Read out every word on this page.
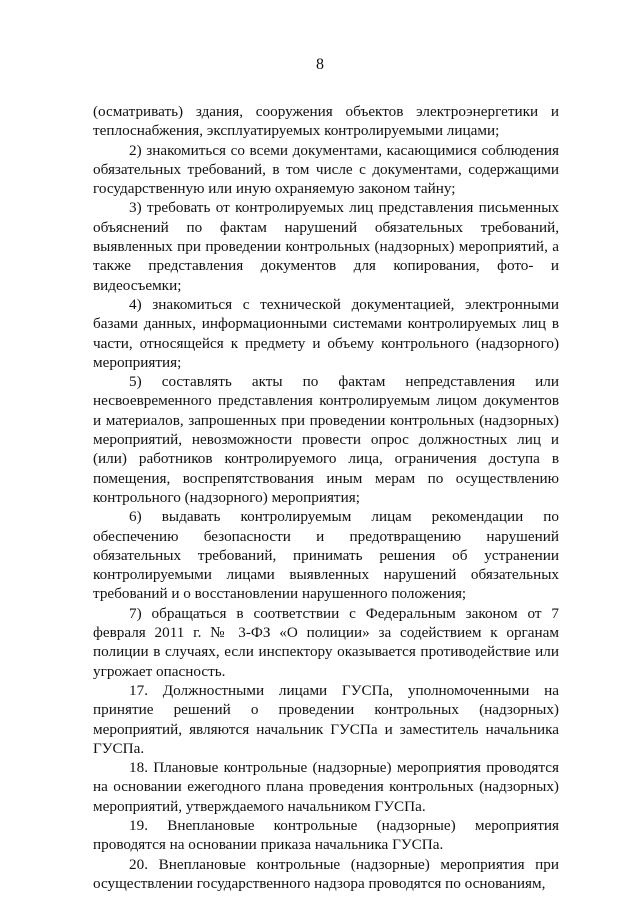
8

(осматривать) здания, сооружения объектов электроэнергетики и теплоснабжения, эксплуатируемых контролируемыми лицами;

2) знакомиться со всеми документами, касающимися соблюдения обязательных требований, в том числе с документами, содержащими государственную или иную охраняемую законом тайну;

3) требовать от контролируемых лиц представления письменных объяснений по фактам нарушений обязательных требований, выявленных при проведении контрольных (надзорных) мероприятий, а также представления документов для копирования, фото- и видеосъемки;

4) знакомиться с технической документацией, электронными базами данных, информационными системами контролируемых лиц в части, относящейся к предмету и объему контрольного (надзорного) мероприятия;

5) составлять акты по фактам непредставления или несвоевременного представления контролируемым лицом документов и материалов, запрошенных при проведении контрольных (надзорных) мероприятий, невозможности провести опрос должностных лиц и (или) работников контролируемого лица, ограничения доступа в помещения, воспрепятствования иным мерам по осуществлению контрольного (надзорного) мероприятия;

6) выдавать контролируемым лицам рекомендации по обеспечению безопасности и предотвращению нарушений обязательных требований, принимать решения об устранении контролируемыми лицами выявленных нарушений обязательных требований и о восстановлении нарушенного положения;

7) обращаться в соответствии с Федеральным законом от 7 февраля 2011 г. № 3-ФЗ «О полиции» за содействием к органам полиции в случаях, если инспектору оказывается противодействие или угрожает опасность.

17. Должностными лицами ГУСПа, уполномоченными на принятие решений о проведении контрольных (надзорных) мероприятий, являются начальник ГУСПа и заместитель начальника ГУСПа.

18. Плановые контрольные (надзорные) мероприятия проводятся на основании ежегодного плана проведения контрольных (надзорных) мероприятий, утверждаемого начальником ГУСПа.

19. Внеплановые контрольные (надзорные) мероприятия проводятся на основании приказа начальника ГУСПа.

20. Внеплановые контрольные (надзорные) мероприятия при осуществлении государственного надзора проводятся по основаниям,
